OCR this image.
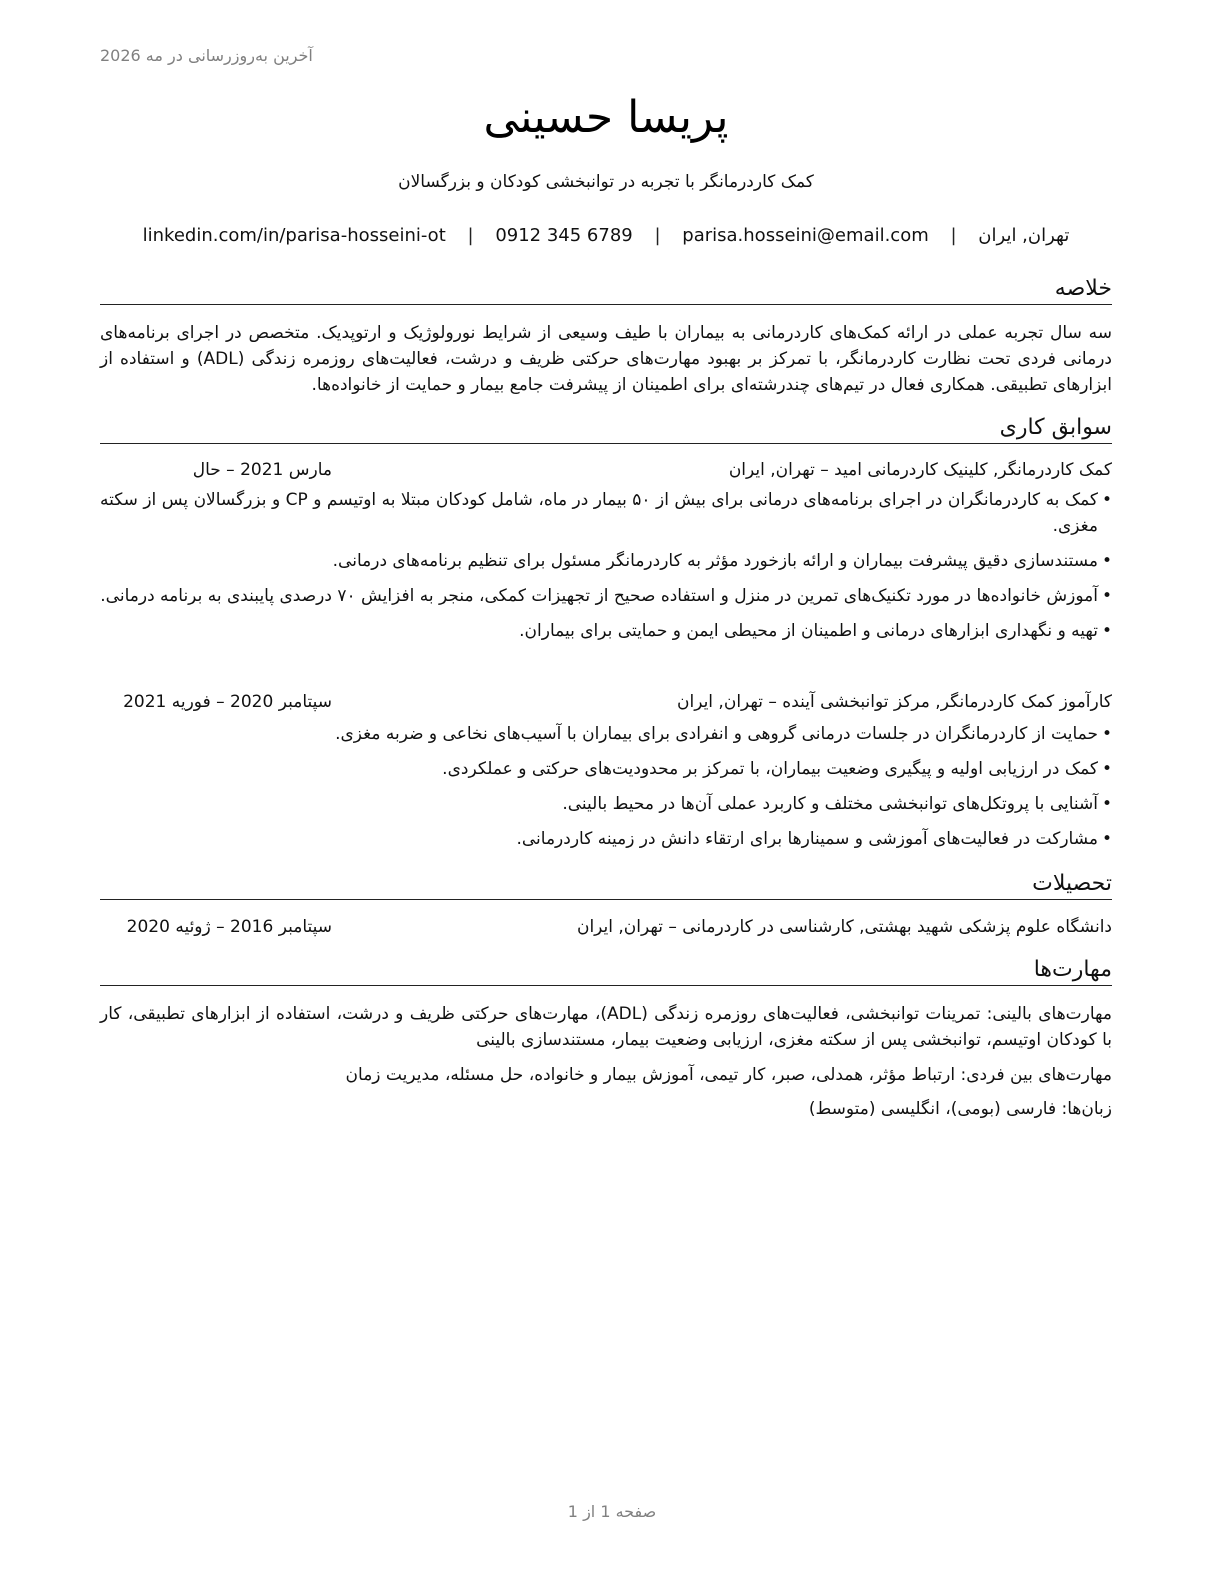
آخرین به‌روزرسانی در مه 2026
پریسا حسینی
کمک کاردرمانگر با تجربه در توانبخشی کودکان و بزرگسالان
تهران, ایران | parisa.hosseini@email.com | 0912 345 6789 | linkedin.com/in/parisa-hosseini-ot
خلاصه
سه سال تجربه عملی در ارائه کمک‌های کاردرمانی به بیماران با طیف وسیعی از شرایط نورولوژیک و ارتوپدیک. متخصص در اجرای برنامه‌های درمانی فردی تحت نظارت کاردرمانگر، با تمرکز بر بهبود مهارت‌های حرکتی ظریف و درشت، فعالیت‌های روزمره زندگی (ADL) و استفاده از ابزارهای تطبیقی. همکاری فعال در تیم‌های چندرشته‌ای برای اطمینان از پیشرفت جامع بیمار و حمایت از خانواده‌ها.
سوابق کاری
کمک کاردرمانگر, کلینیک کاردرمانی امید – تهران, ایران
مارس 2021 – حال
• کمک به کاردرمانگران در اجرای برنامه‌های درمانی برای بیش از ۵۰ بیمار در ماه، شامل کودکان مبتلا به اوتیسم و CP و بزرگسالان پس از سکته مغزی.
• مستندسازی دقیق پیشرفت بیماران و ارائه بازخورد مؤثر به کاردرمانگر مسئول برای تنظیم برنامه‌های درمانی.
• آموزش خانواده‌ها در مورد تکنیک‌های تمرین در منزل و استفاده صحیح از تجهیزات کمکی، منجر به افزایش ۷۰ درصدی پایبندی به برنامه درمانی.
• تهیه و نگهداری ابزارهای درمانی و اطمینان از محیطی ایمن و حمایتی برای بیماران.
کارآموز کمک کاردرمانگر, مرکز توانبخشی آینده – تهران, ایران
سپتامبر 2020 – فوریه 2021
• حمایت از کاردرمانگران در جلسات درمانی گروهی و انفرادی برای بیماران با آسیب‌های نخاعی و ضربه مغزی.
• کمک در ارزیابی اولیه و پیگیری وضعیت بیماران، با تمرکز بر محدودیت‌های حرکتی و عملکردی.
• آشنایی با پروتکل‌های توانبخشی مختلف و کاربرد عملی آن‌ها در محیط بالینی.
• مشارکت در فعالیت‌های آموزشی و سمینارها برای ارتقاء دانش در زمینه کاردرمانی.
تحصیلات
دانشگاه علوم پزشکی شهید بهشتی, کارشناسی در کاردرمانی – تهران, ایران
سپتامبر 2016 – ژوئیه 2020
مهارت‌ها
مهارت‌های بالینی: تمرینات توانبخشی، فعالیت‌های روزمره زندگی (ADL)، مهارت‌های حرکتی ظریف و درشت، استفاده از ابزارهای تطبیقی، کار با کودکان اوتیسم، توانبخشی پس از سکته مغزی، ارزیابی وضعیت بیمار، مستندسازی بالینی
مهارت‌های بین فردی: ارتباط مؤثر، همدلی، صبر، کار تیمی، آموزش بیمار و خانواده، حل مسئله، مدیریت زمان
زبان‌ها: فارسی (بومی)، انگلیسی (متوسط)
صفحه 1 از 1
